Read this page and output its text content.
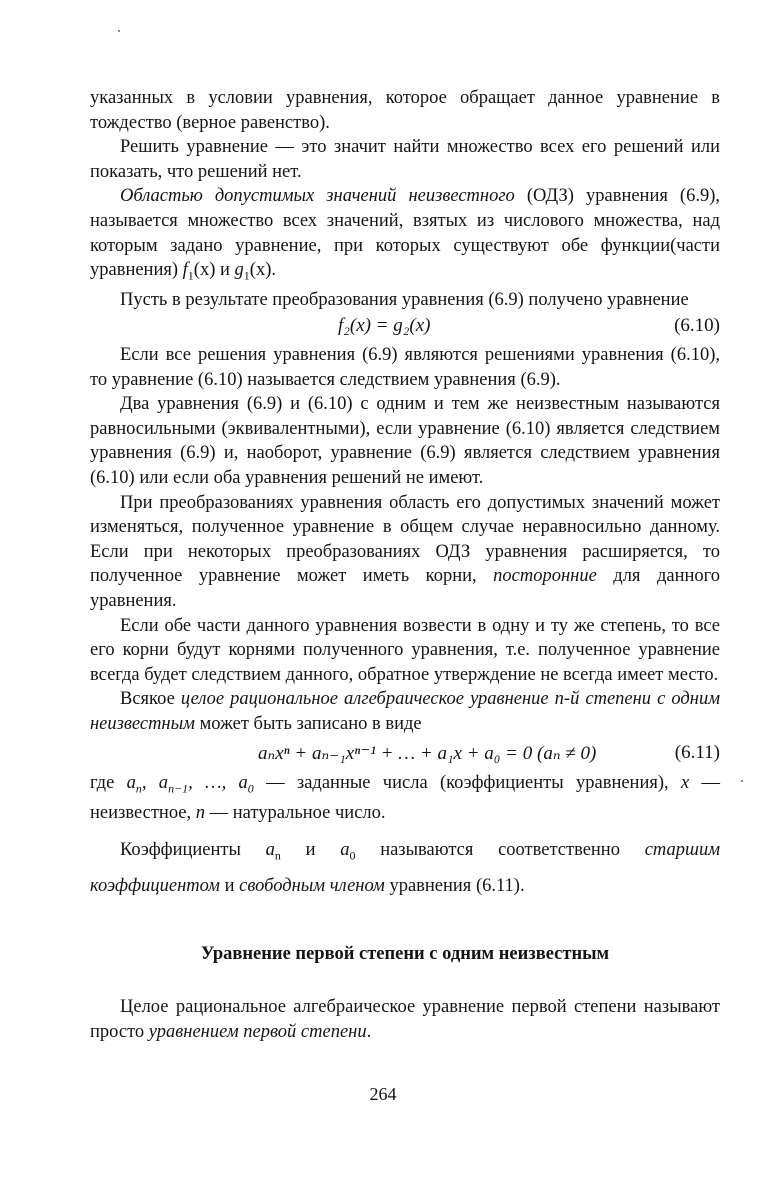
указанных в условии уравнения, которое обращает данное уравнение в тождество (верное равенство).

Решить уравнение — это значит найти множество всех его решений или показать, что решений нет.

Областью допустимых значений неизвестного (ОДЗ) уравнения (6.9), называется множество всех значений, взятых из числового множества, над которым задано уравнение, при которых существуют обе функции(части уравнения) $f_1(x)$ и $g_1(x)$.

Пусть в результате преобразования уравнения (6.9) получено уравнение

f₂(x) = g₂(x)	(6.10)

Если все решения уравнения (6.9) являются решениями уравнения (6.10), то уравнение (6.10) называется следствием уравнения (6.9).

Два уравнения (6.9) и (6.10) с одним и тем же неизвестным называются равносильными (эквивалентными), если уравнение (6.10) является следствием уравнения (6.9) и, наоборот, уравнение (6.9) является следствием уравнения (6.10) или если оба уравнения решений не имеют.

При преобразованиях уравнения область его допустимых значений может изменяться, полученное уравнение в общем случае неравносильно данному. Если при некоторых преобразованиях ОДЗ уравнения расширяется, то полученное уравнение может иметь корни, посторонние для данного уравнения.

Если обе части данного уравнения возвести в одну и ту же степень, то все его корни будут корнями полученного уравнения, т.е. полученное уравнение всегда будет следствием данного, обратное утверждение не всегда имеет место.

Всякое целое рациональное алгебраическое уравнение n-й степени с одним неизвестным может быть записано в виде

aₙxⁿ + aₙ₋₁xⁿ⁻¹ + … + a₁x + a₀ = 0 (aₙ ≠ 0)	(6.11)

где $a_n$, $a_{n-1}$, …, $a_0$ — заданные числа (коэффициенты уравнения), x — неизвестное, n — натуральное число.

Коэффициенты $a_n$ и $a_0$ называются соответственно старшим коэффициентом и свободным членом уравнения (6.11).

Уравнение первой степени с одним неизвестным

Целое рациональное алгебраическое уравнение первой степени называют просто уравнением первой степени.

264
